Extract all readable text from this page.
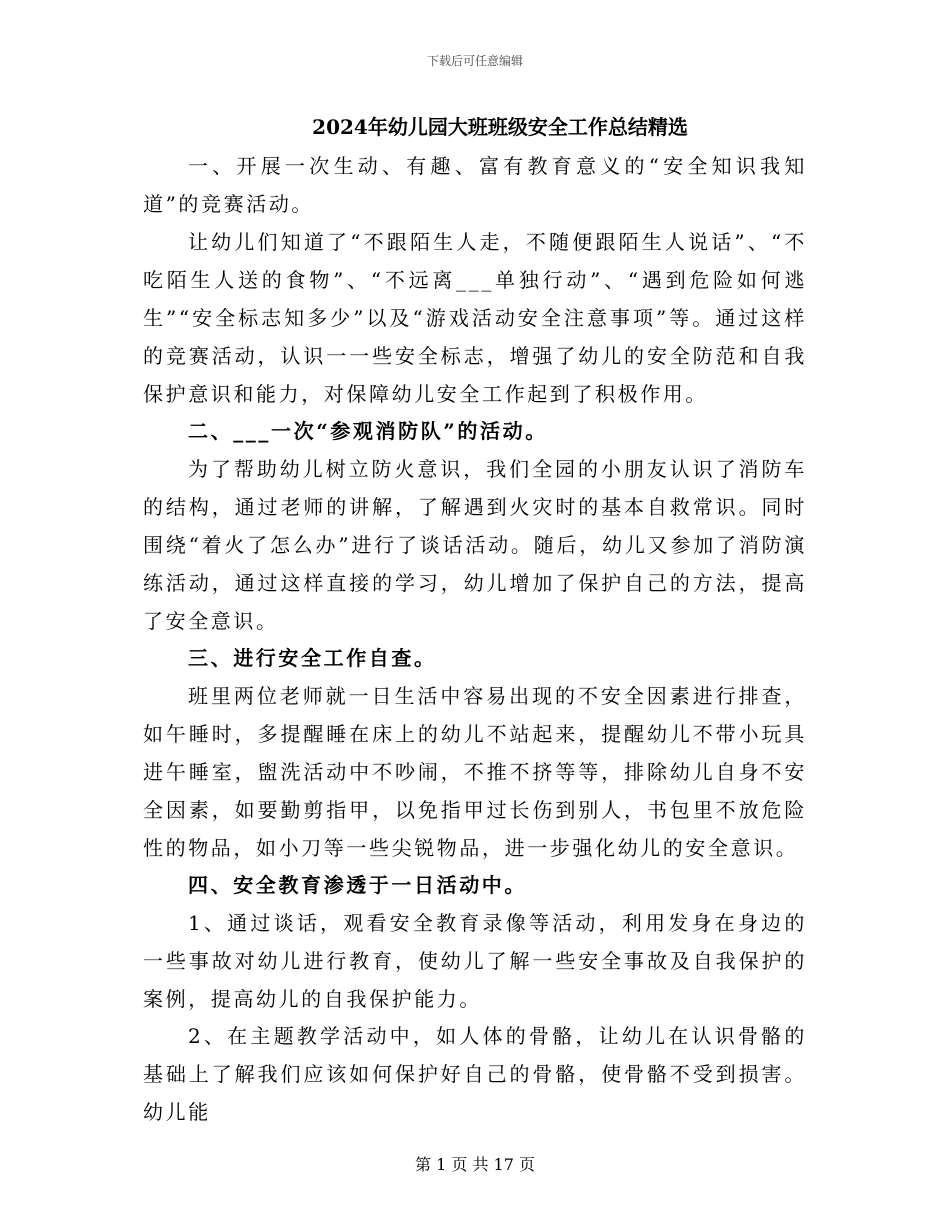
下载后可任意编辑
2024年幼儿园大班班级安全工作总结精选

一、开展一次生动、有趣、富有教育意义的“安全知识我知道”的竞赛活动。

让幼儿们知道了“不跟陌生人走，不随便跟陌生人说话”、“不吃陌生人送的食物”、“不远离___单独行动”、“遇到危险如何逃生”“安全标志知多少”以及“游戏活动安全注意事项”等。通过这样的竞赛活动，认识一一些安全标志，增强了幼儿的安全防范和自我保护意识和能力，对保障幼儿安全工作起到了积极作用。

二、___一次“参观消防队”的活动。

为了帮助幼儿树立防火意识，我们全园的小朋友认识了消防车的结构，通过老师的讲解，了解遇到火灾时的基本自救常识。同时围绕“着火了怎么办”进行了谈话活动。随后，幼儿又参加了消防演练活动，通过这样直接的学习，幼儿增加了保护自己的方法，提高了安全意识。

三、进行安全工作自查。

班里两位老师就一日生活中容易出现的不安全因素进行排查，如午睡时，多提醒睡在床上的幼儿不站起来，提醒幼儿不带小玩具进午睡室，盥洗活动中不吵闹，不推不挤等等，排除幼儿自身不安全因素，如要勤剪指甲，以免指甲过长伤到别人，书包里不放危险性的物品，如小刀等一些尖锐物品，进一步强化幼儿的安全意识。

四、安全教育渗透于一日活动中。

1、通过谈话，观看安全教育录像等活动，利用发身在身边的一些事故对幼儿进行教育，使幼儿了解一些安全事故及自我保护的案例，提高幼儿的自我保护能力。

2、在主题教学活动中，如人体的骨骼，让幼儿在认识骨骼的基础上了解我们应该如何保护好自己的骨骼，使骨骼不受到损害。幼儿能

第 1 页 共 17 页
